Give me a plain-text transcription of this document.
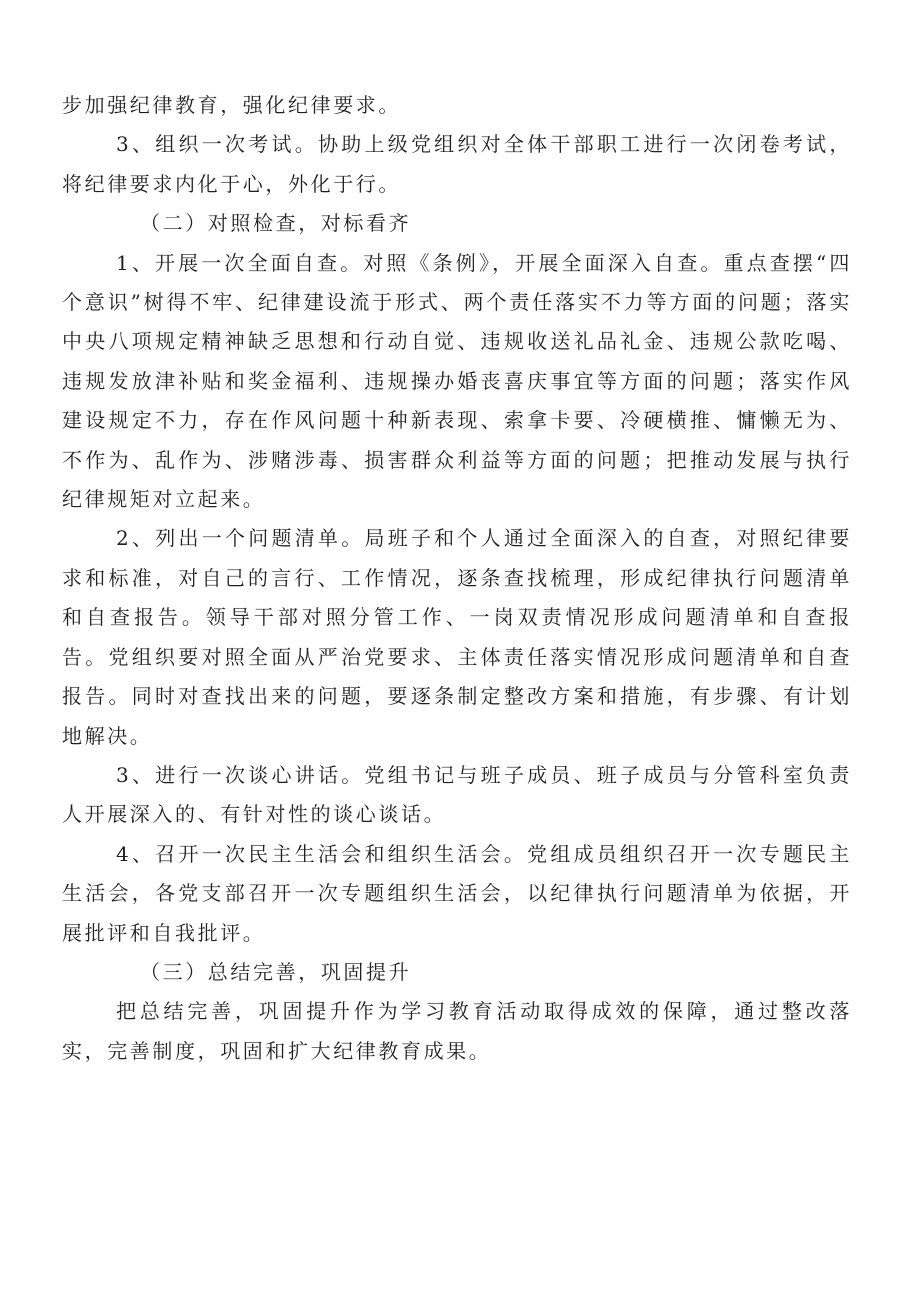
步加强纪律教育，强化纪律要求。

3、组织一次考试。协助上级党组织对全体干部职工进行一次闭卷考试，将纪律要求内化于心，外化于行。

（二）对照检查，对标看齐

1、开展一次全面自查。对照《条例》，开展全面深入自查。重点查摆“四个意识”树得不牢、纪律建设流于形式、两个责任落实不力等方面的问题；落实中央八项规定精神缺乏思想和行动自觉、违规收送礼品礼金、违规公款吃喝、违规发放津补贴和奖金福利、违规操办婚丧喜庆事宜等方面的问题；落实作风建设规定不力，存在作风问题十种新表现、索拿卡要、冷硬横推、慵懒无为、不作为、乱作为、涉赌涉毒、损害群众利益等方面的问题；把推动发展与执行纪律规矩对立起来。

2、列出一个问题清单。局班子和个人通过全面深入的自查，对照纪律要求和标准，对自己的言行、工作情况，逐条查找梳理，形成纪律执行问题清单和自查报告。领导干部对照分管工作、一岗双责情况形成问题清单和自查报告。党组织要对照全面从严治党要求、主体责任落实情况形成问题清单和自查报告。同时对查找出来的问题，要逐条制定整改方案和措施，有步骤、有计划地解决。

3、进行一次谈心讲话。党组书记与班子成员、班子成员与分管科室负责人开展深入的、有针对性的谈心谈话。

4、召开一次民主生活会和组织生活会。党组成员组织召开一次专题民主生活会，各党支部召开一次专题组织生活会，以纪律执行问题清单为依据，开展批评和自我批评。

（三）总结完善，巩固提升

把总结完善，巩固提升作为学习教育活动取得成效的保障，通过整改落实，完善制度，巩固和扩大纪律教育成果。
